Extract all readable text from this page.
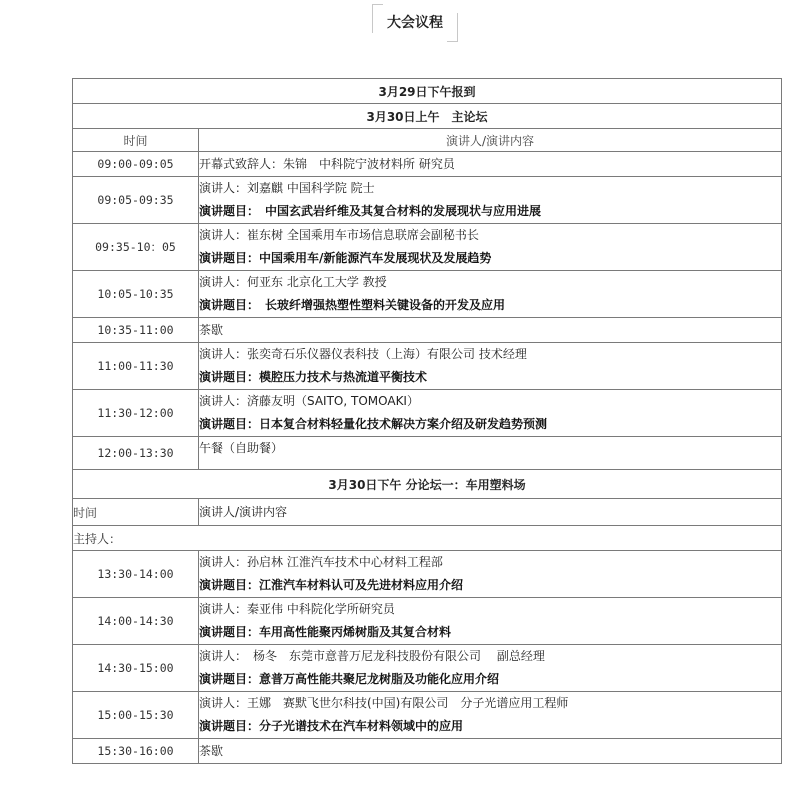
大会议程
3月29日下午报到	
3月30日上午　主论坛	
时间	演讲人/演讲内容
09:00-09:05	开幕式致辞人：朱锦　中科院宁波材料所 研究员

09:05-09:35	演讲人：刘嘉麒 中国科学院 院士
演讲题目：　中国玄武岩纤维及其复合材料的发展现状与应用进展

09:35-10：05	演讲人：崔东树 全国乘用车市场信息联席会副秘书长
演讲题目：中国乘用车/新能源汽车发展现状及发展趋势

10:05-10:35	演讲人：何亚东 北京化工大学 教授
演讲题目：　长玻纤增强热塑性塑料关键设备的开发及应用

10:35-11:00	茶歇

11:00-11:30	演讲人：张奕奇石乐仪器仪表科技（上海）有限公司 技术经理
演讲题目：模腔压力技术与热流道平衡技术

11:30-12:00	演讲人：済藤友明（SAITO, TOMOAKI）
演讲题目：日本复合材料轻量化技术解决方案介绍及研发趋势预测

12:00-13:30	午餐（自助餐）

3月30日下午 分论坛一：车用塑料场	
时间	演讲人/演讲内容

主持人：	
13:30-14:00	演讲人：孙启林 江淮汽车技术中心材料工程部
演讲题目：江淮汽车材料认可及先进材料应用介绍

14:00-14:30	演讲人：秦亚伟 中科院化学所研究员
演讲题目：车用高性能聚丙烯树脂及其复合材料

14:30-15:00	演讲人：　杨冬　东莞市意普万尼龙科技股份有限公司　 副总经理
演讲题目：意普万高性能共聚尼龙树脂及功能化应用介绍

15:00-15:30	演讲人：王娜　赛默飞世尔科技(中国)有限公司　分子光谱应用工程师
演讲题目：分子光谱技术在汽车材料领域中的应用

15:30-16:00	茶歇
